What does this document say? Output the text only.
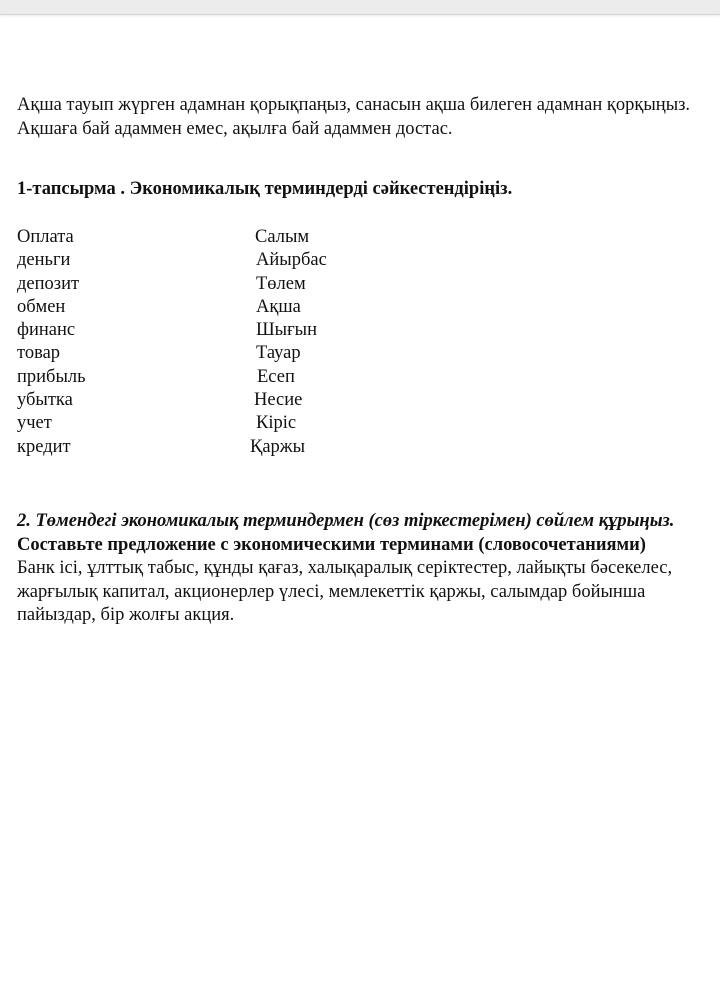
Ақша тауып жүрген адамнан қорықпаңыз, санасын ақша билеген адамнан қорқыңыз.

Ақшаға бай адаммен емес, ақылға бай адаммен достас.

1-тапсырма . Экономикалық терминдерді сәйкестендіріңіз.

Оплата	Салым
деньги	Айырбас
депозит	Төлем
обмен	Ақша
финанс	Шығын
товар	Тауар
прибыль	Есеп
убытка	Несие
учет	Кіріс
кредит	Қаржы

2. Төмендегі экономикалық терминдермен (сөз тіркестерімен) сөйлем құрыңыз.

Составьте предложение с экономическими терминами (словосочетаниями)

Банк ісі, ұлттық табыс, құнды қағаз, халықаралық серіктестер, лайықты бәсекелес, жарғылық капитал, акционерлер үлесі, мемлекеттік қаржы, салымдар бойынша пайыздар, бір жолғы акция.
